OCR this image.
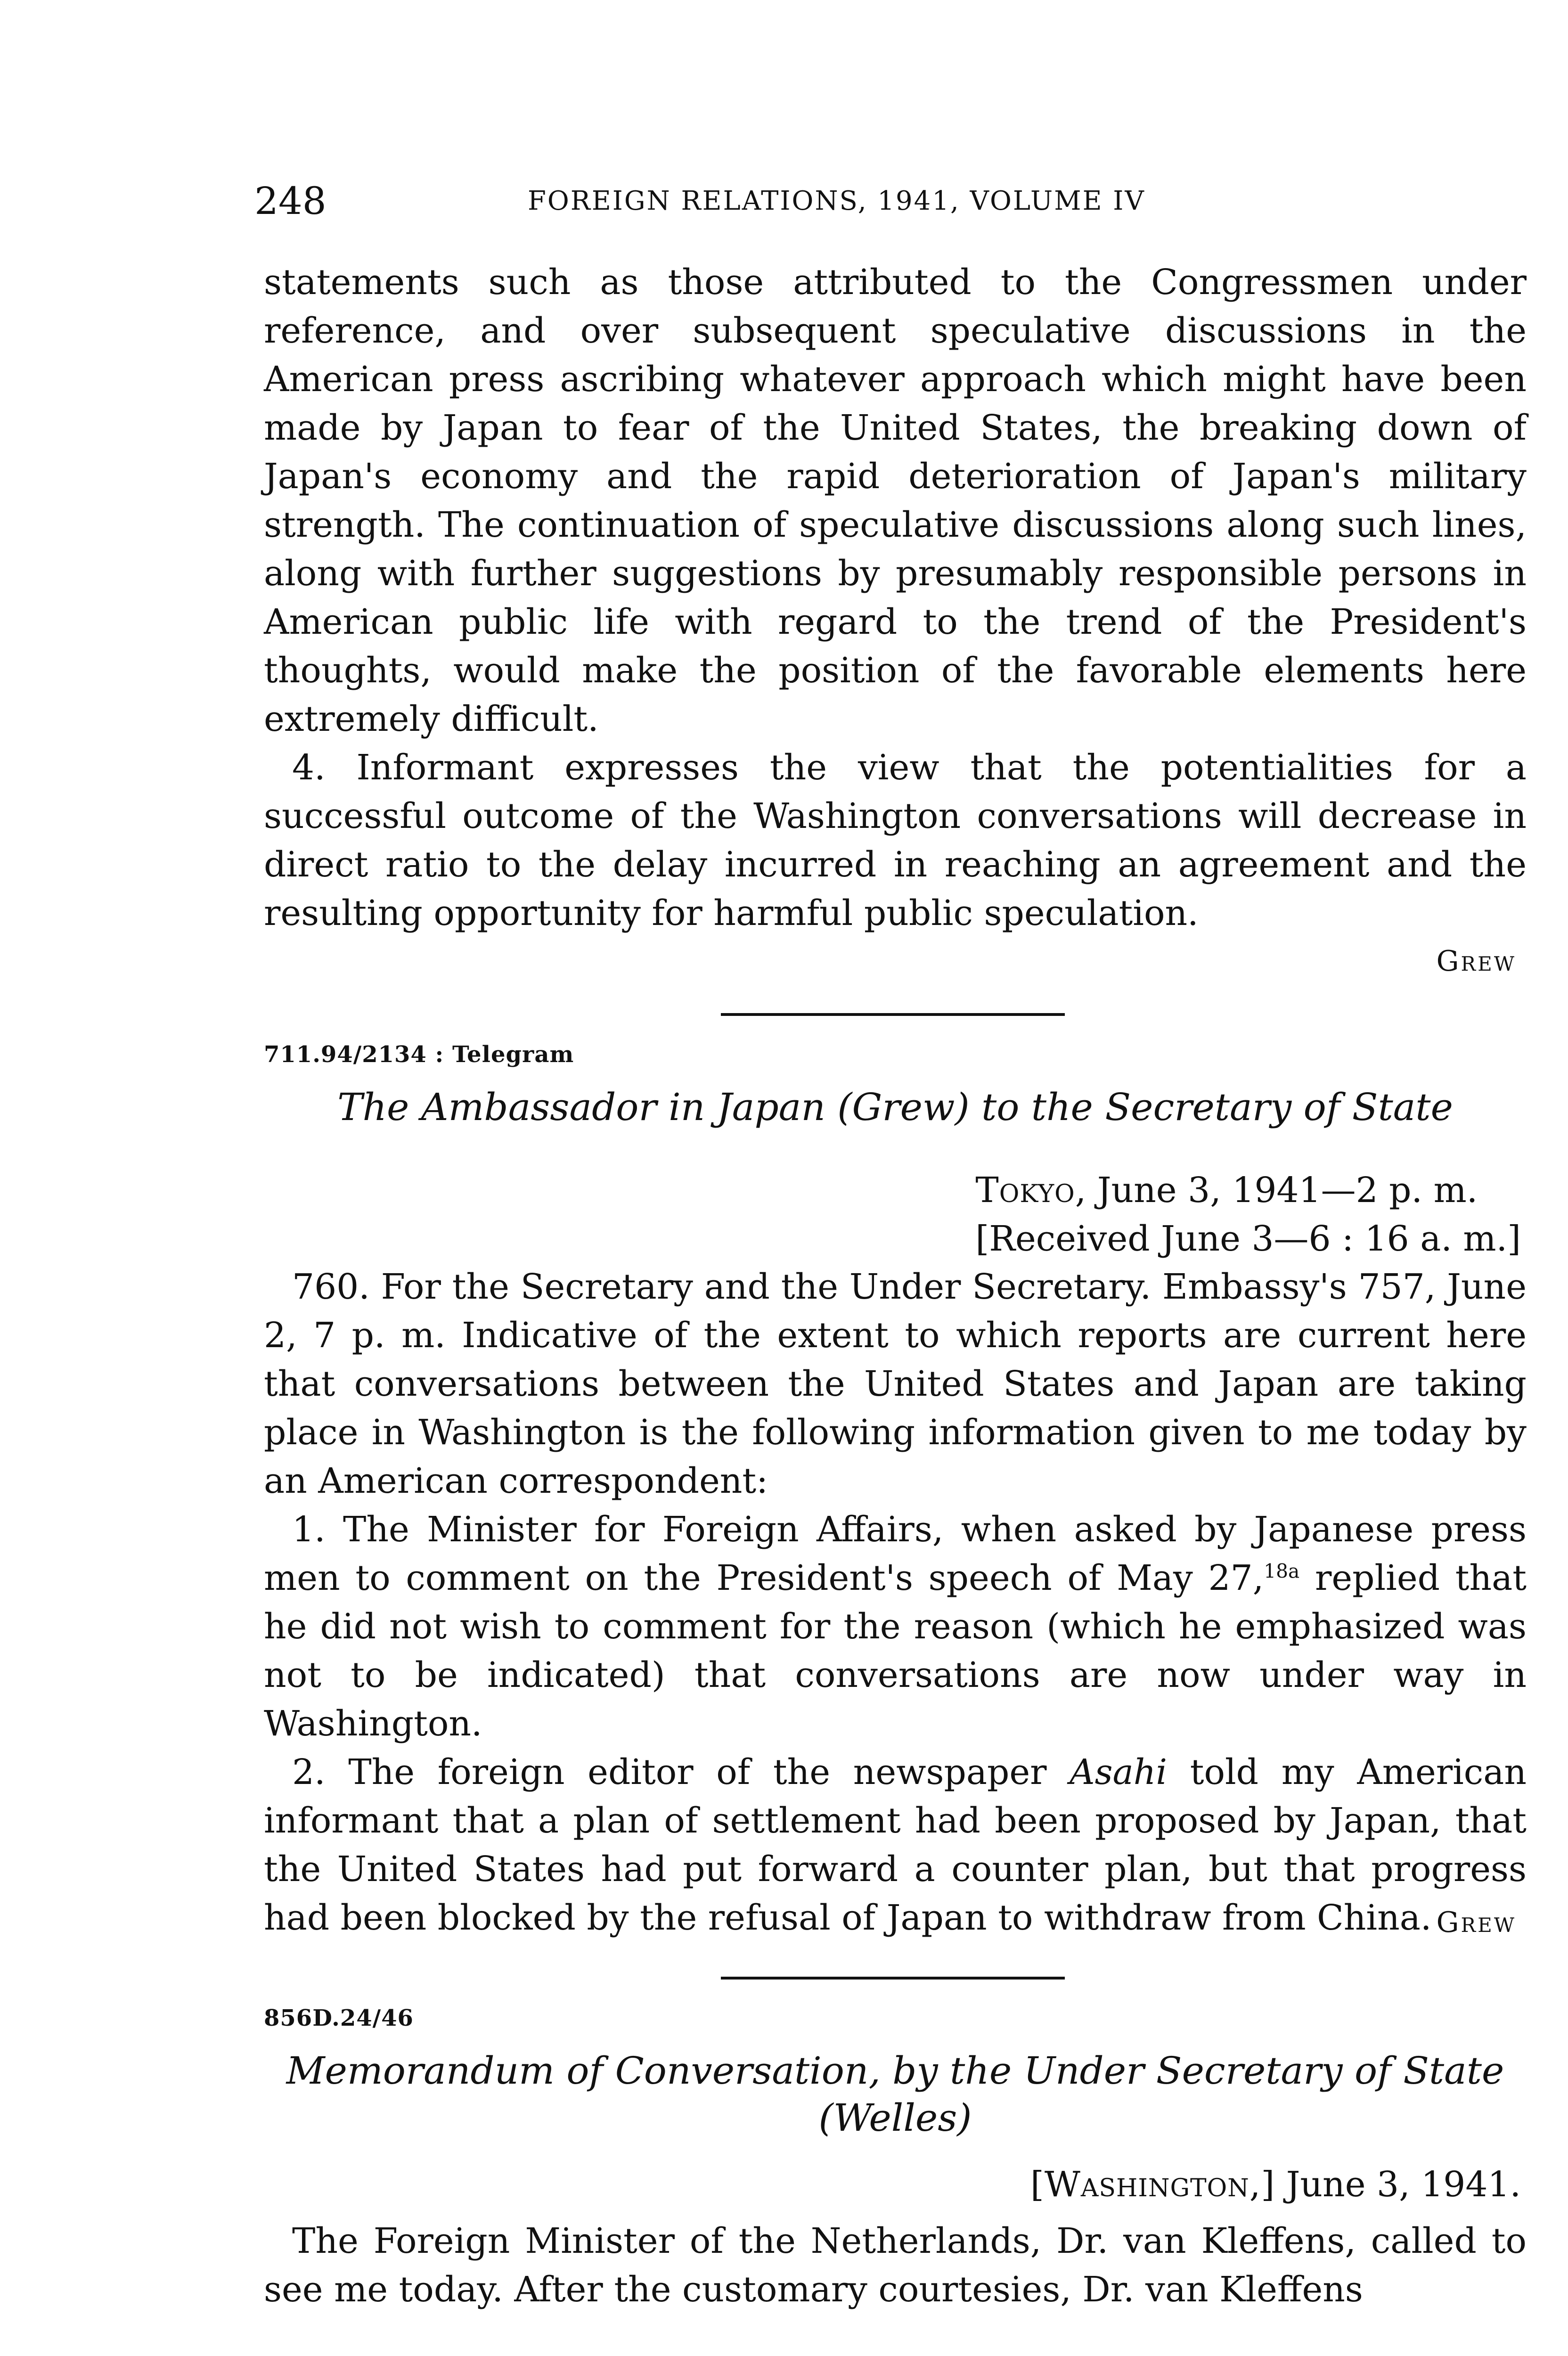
248	FOREIGN RELATIONS, 1941, VOLUME IV

statements such as those attributed to the Congressmen under reference, and over subsequent speculative discussions in the American press ascribing whatever approach which might have been made by Japan to fear of the United States, the breaking down of Japan's economy and the rapid deterioration of Japan's military strength. The continuation of speculative discussions along such lines, along with further suggestions by presumably responsible persons in American public life with regard to the trend of the President's thoughts, would make the position of the favorable elements here extremely difficult.

4. Informant expresses the view that the potentialities for a successful outcome of the Washington conversations will decrease in direct ratio to the delay incurred in reaching an agreement and the resulting opportunity for harmful public speculation.

Grew
711.94/2134 : Telegram
The Ambassador in Japan (Grew) to the Secretary of State
Tokyo, June 3, 1941—2 p. m.
[Received June 3—6 : 16 a. m.]

760. For the Secretary and the Under Secretary. Embassy's 757, June 2, 7 p. m. Indicative of the extent to which reports are current here that conversations between the United States and Japan are taking place in Washington is the following information given to me today by an American correspondent:

1. The Minister for Foreign Affairs, when asked by Japanese press men to comment on the President's speech of May 27,$^{18a}$ replied that he did not wish to comment for the reason (which he emphasized was not to be indicated) that conversations are now under way in Washington.

2. The foreign editor of the newspaper Asahi told my American informant that a plan of settlement had been proposed by Japan, that the United States had put forward a counter plan, but that progress had been blocked by the refusal of Japan to withdraw from China. Grew
856D.24/46
Memorandum of Conversation, by the Under Secretary of State
(Welles)
[Washington,] June 3, 1941.

The Foreign Minister of the Netherlands, Dr. van Kleffens, called to see me today. After the customary courtesies, Dr. van Kleffens
